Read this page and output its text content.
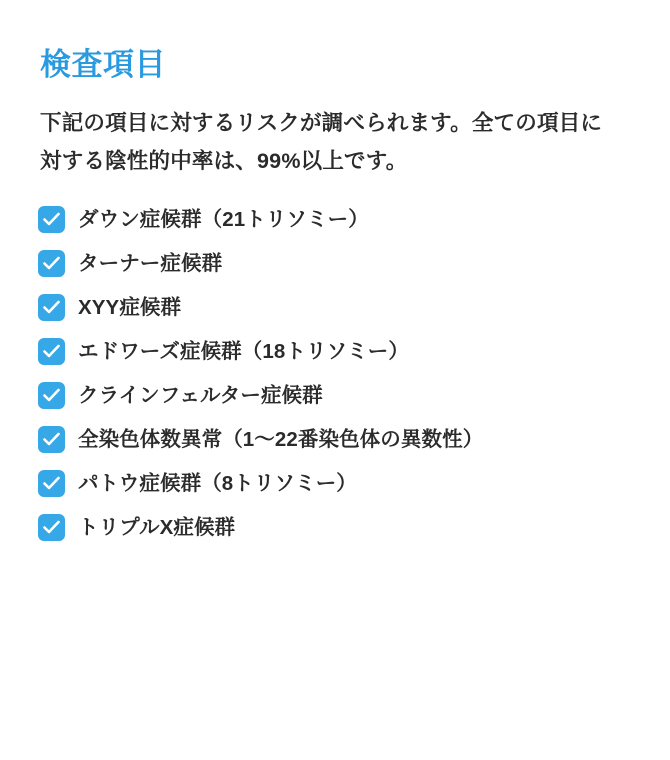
検査項目
下記の項目に対するリスクが調べられます。全ての項目に対する陰性的中率は、99%以上です。
ダウン症候群（21トリソミー）
ターナー症候群
XYY症候群
エドワーズ症候群（18トリソミー）
クラインフェルター症候群
全染色体数異常（1〜22番染色体の異数性）
パトウ症候群（8トリソミー）
トリプルX症候群
